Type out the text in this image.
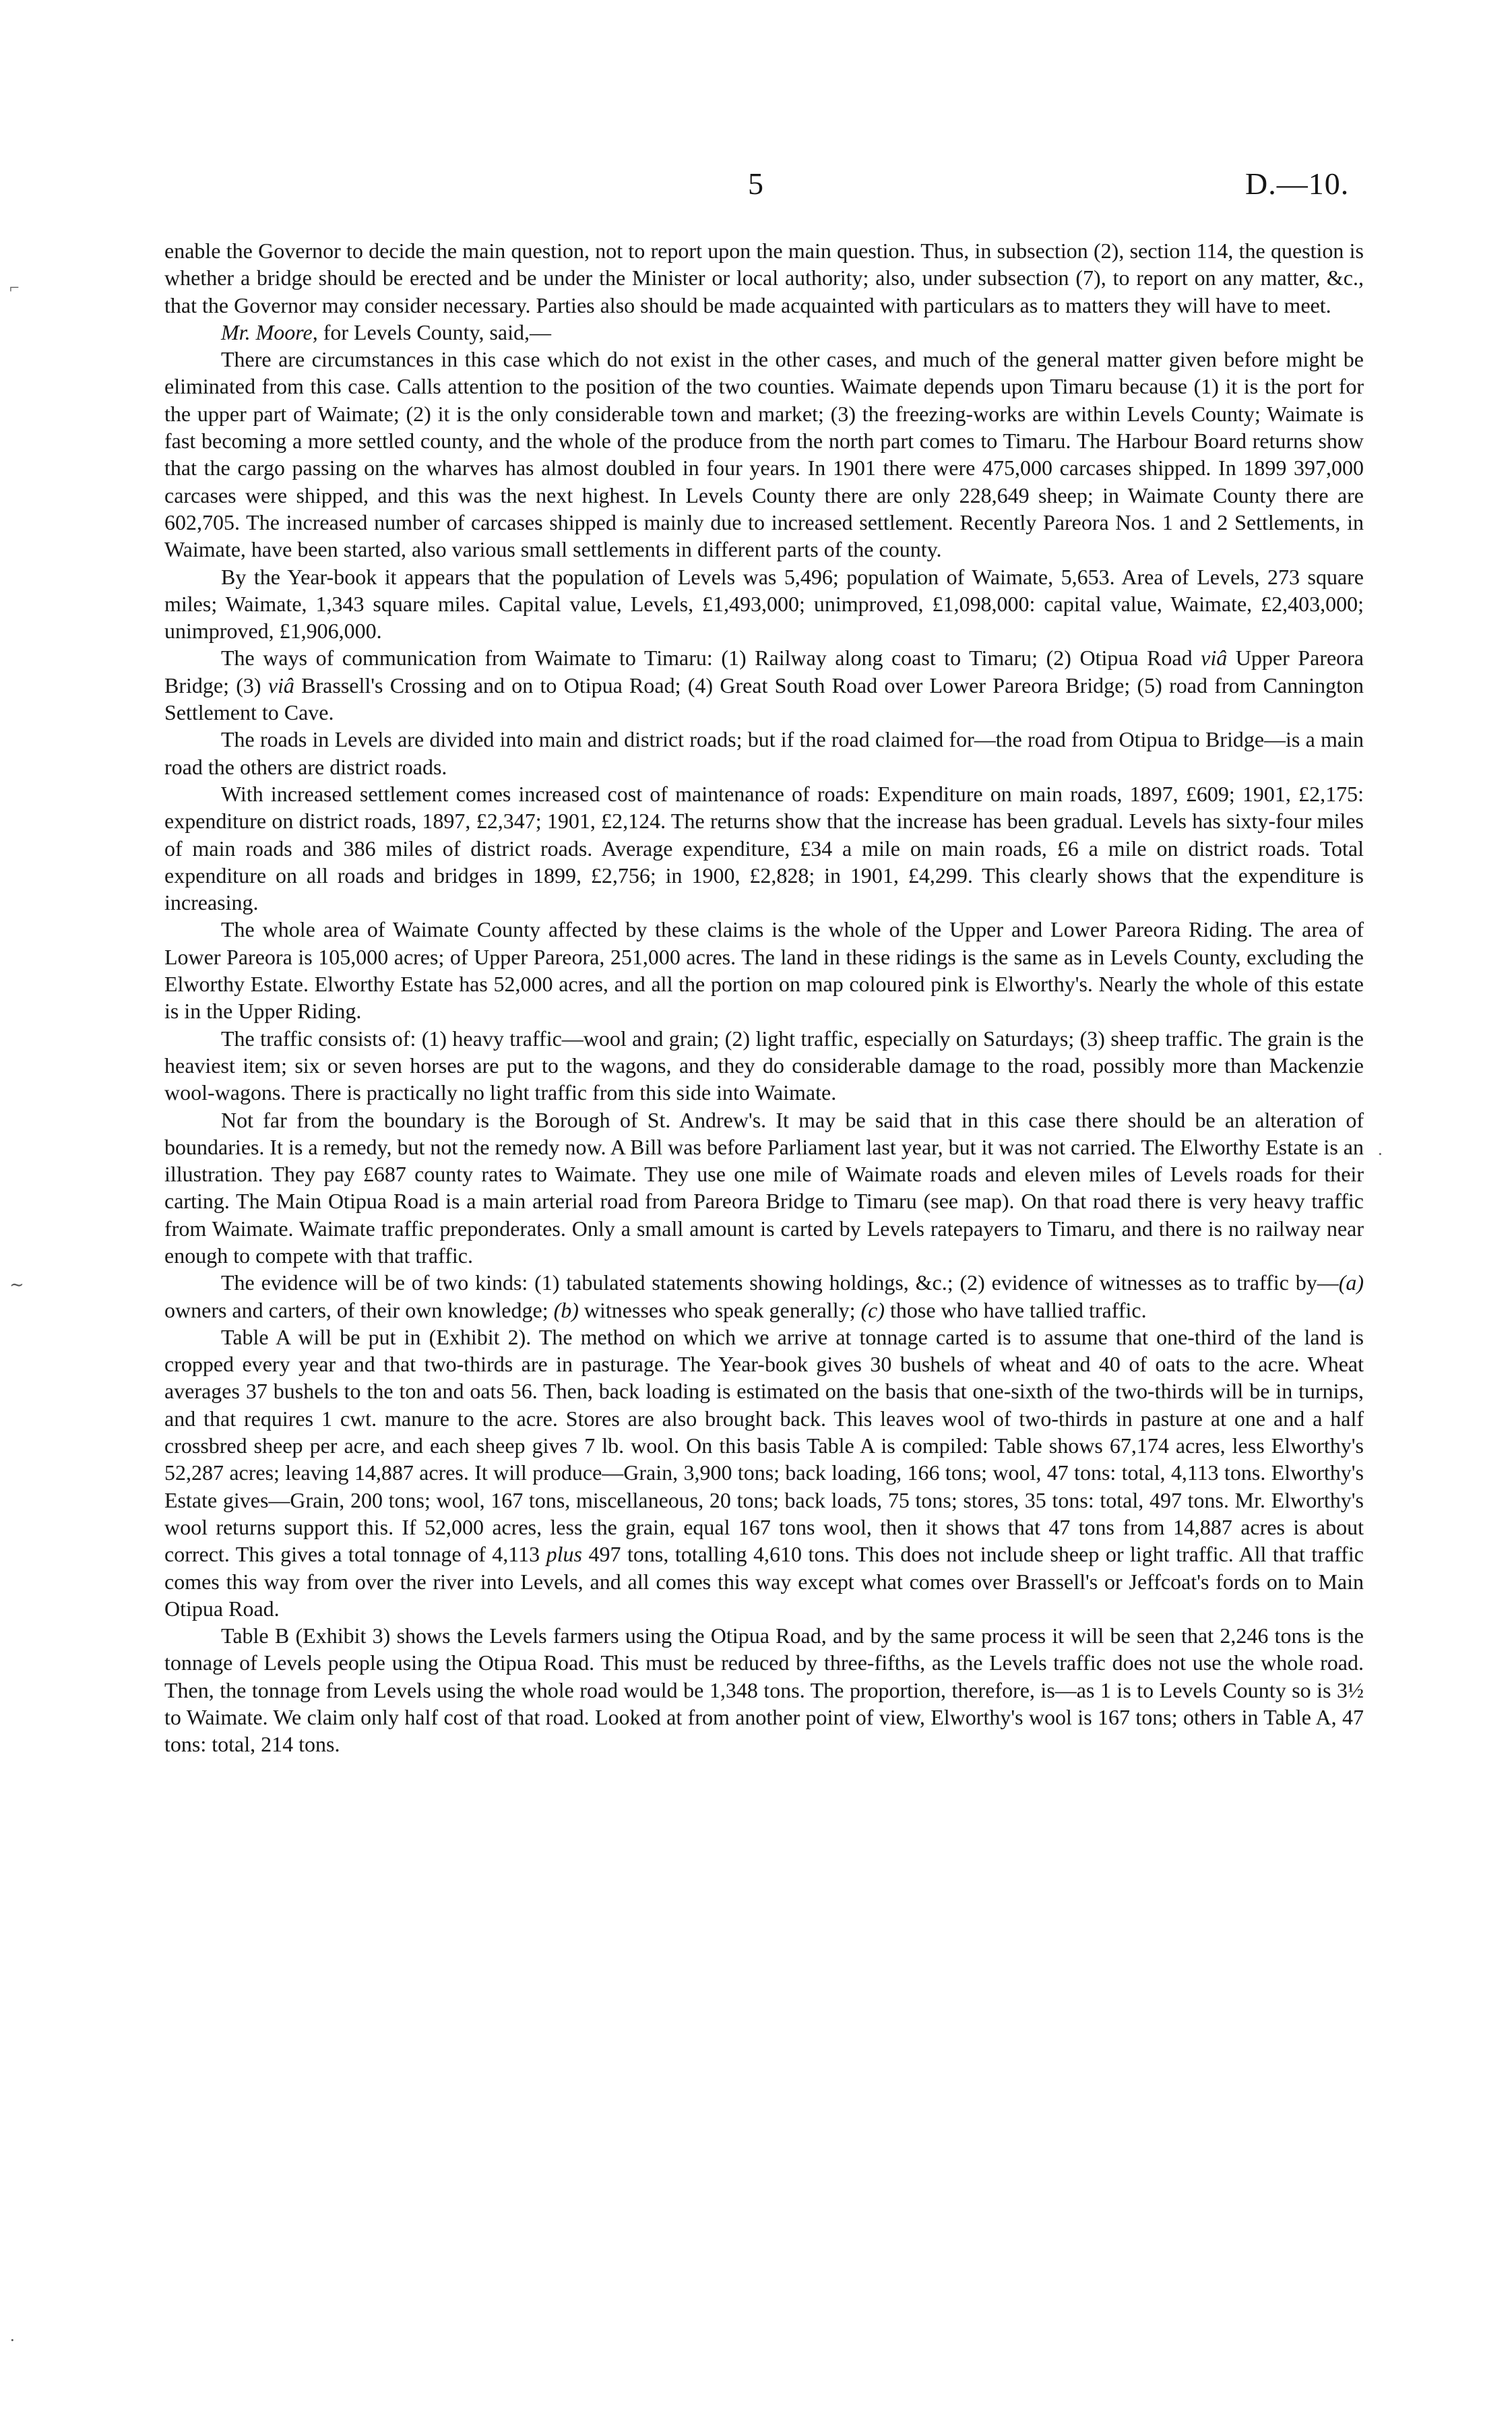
5	D.—10.
⌐
∼
·
·

enable the Governor to decide the main question, not to report upon the main question. Thus, in subsection (2), section 114, the question is whether a bridge should be erected and be under the Minister or local authority; also, under subsection (7), to report on any matter, &c., that the Governor may consider necessary. Parties also should be made acquainted with particulars as to matters they will have to meet.

Mr. Moore, for Levels County, said,—

There are circumstances in this case which do not exist in the other cases, and much of the general matter given before might be eliminated from this case. Calls attention to the position of the two counties. Waimate depends upon Timaru because (1) it is the port for the upper part of Waimate; (2) it is the only considerable town and market; (3) the freezing-works are within Levels County; Waimate is fast becoming a more settled county, and the whole of the produce from the north part comes to Timaru. The Harbour Board returns show that the cargo passing on the wharves has almost doubled in four years. In 1901 there were 475,000 carcases shipped. In 1899 397,000 carcases were shipped, and this was the next highest. In Levels County there are only 228,649 sheep; in Waimate County there are 602,705. The increased number of carcases shipped is mainly due to increased settlement. Recently Pareora Nos. 1 and 2 Settlements, in Waimate, have been started, also various small settlements in different parts of the county.

By the Year-book it appears that the population of Levels was 5,496; population of Waimate, 5,653. Area of Levels, 273 square miles; Waimate, 1,343 square miles. Capital value, Levels, £1,493,000; unimproved, £1,098,000: capital value, Waimate, £2,403,000; unimproved, £1,906,000.

The ways of communication from Waimate to Timaru: (1) Railway along coast to Timaru; (2) Otipua Road viâ Upper Pareora Bridge; (3) viâ Brassell's Crossing and on to Otipua Road; (4) Great South Road over Lower Pareora Bridge; (5) road from Cannington Settlement to Cave.

The roads in Levels are divided into main and district roads; but if the road claimed for—the road from Otipua to Bridge—is a main road the others are district roads.

With increased settlement comes increased cost of maintenance of roads: Expenditure on main roads, 1897, £609; 1901, £2,175: expenditure on district roads, 1897, £2,347; 1901, £2,124. The returns show that the increase has been gradual. Levels has sixty-four miles of main roads and 386 miles of district roads. Average expenditure, £34 a mile on main roads, £6 a mile on district roads. Total expenditure on all roads and bridges in 1899, £2,756; in 1900, £2,828; in 1901, £4,299. This clearly shows that the expenditure is increasing.

The whole area of Waimate County affected by these claims is the whole of the Upper and Lower Pareora Riding. The area of Lower Pareora is 105,000 acres; of Upper Pareora, 251,000 acres. The land in these ridings is the same as in Levels County, excluding the Elworthy Estate. Elworthy Estate has 52,000 acres, and all the portion on map coloured pink is Elworthy's. Nearly the whole of this estate is in the Upper Riding.

The traffic consists of: (1) heavy traffic—wool and grain; (2) light traffic, especially on Saturdays; (3) sheep traffic. The grain is the heaviest item; six or seven horses are put to the wagons, and they do considerable damage to the road, possibly more than Mackenzie wool-wagons. There is practically no light traffic from this side into Waimate.

Not far from the boundary is the Borough of St. Andrew's. It may be said that in this case there should be an alteration of boundaries. It is a remedy, but not the remedy now. A Bill was before Parliament last year, but it was not carried. The Elworthy Estate is an illustration. They pay £687 county rates to Waimate. They use one mile of Waimate roads and eleven miles of Levels roads for their carting. The Main Otipua Road is a main arterial road from Pareora Bridge to Timaru (see map). On that road there is very heavy traffic from Waimate. Waimate traffic preponderates. Only a small amount is carted by Levels ratepayers to Timaru, and there is no railway near enough to compete with that traffic.

The evidence will be of two kinds: (1) tabulated statements showing holdings, &c.; (2) evidence of witnesses as to traffic by—(a) owners and carters, of their own knowledge; (b) witnesses who speak generally; (c) those who have tallied traffic.

Table A will be put in (Exhibit 2). The method on which we arrive at tonnage carted is to assume that one-third of the land is cropped every year and that two-thirds are in pasturage. The Year-book gives 30 bushels of wheat and 40 of oats to the acre. Wheat averages 37 bushels to the ton and oats 56. Then, back loading is estimated on the basis that one-sixth of the two-thirds will be in turnips, and that requires 1 cwt. manure to the acre. Stores are also brought back. This leaves wool of two-thirds in pasture at one and a half crossbred sheep per acre, and each sheep gives 7 lb. wool. On this basis Table A is compiled: Table shows 67,174 acres, less Elworthy's 52,287 acres; leaving 14,887 acres. It will produce—Grain, 3,900 tons; back loading, 166 tons; wool, 47 tons: total, 4,113 tons. Elworthy's Estate gives—Grain, 200 tons; wool, 167 tons, miscellaneous, 20 tons; back loads, 75 tons; stores, 35 tons: total, 497 tons. Mr. Elworthy's wool returns support this. If 52,000 acres, less the grain, equal 167 tons wool, then it shows that 47 tons from 14,887 acres is about correct. This gives a total tonnage of 4,113 plus 497 tons, totalling 4,610 tons. This does not include sheep or light traffic. All that traffic comes this way from over the river into Levels, and all comes this way except what comes over Brassell's or Jeffcoat's fords on to Main Otipua Road.

Table B (Exhibit 3) shows the Levels farmers using the Otipua Road, and by the same process it will be seen that 2,246 tons is the tonnage of Levels people using the Otipua Road. This must be reduced by three-fifths, as the Levels traffic does not use the whole road. Then, the tonnage from Levels using the whole road would be 1,348 tons. The proportion, therefore, is—as 1 is to Levels County so is 3½ to Waimate. We claim only half cost of that road. Looked at from another point of view, Elworthy's wool is 167 tons; others in Table A, 47 tons: total, 214 tons.
